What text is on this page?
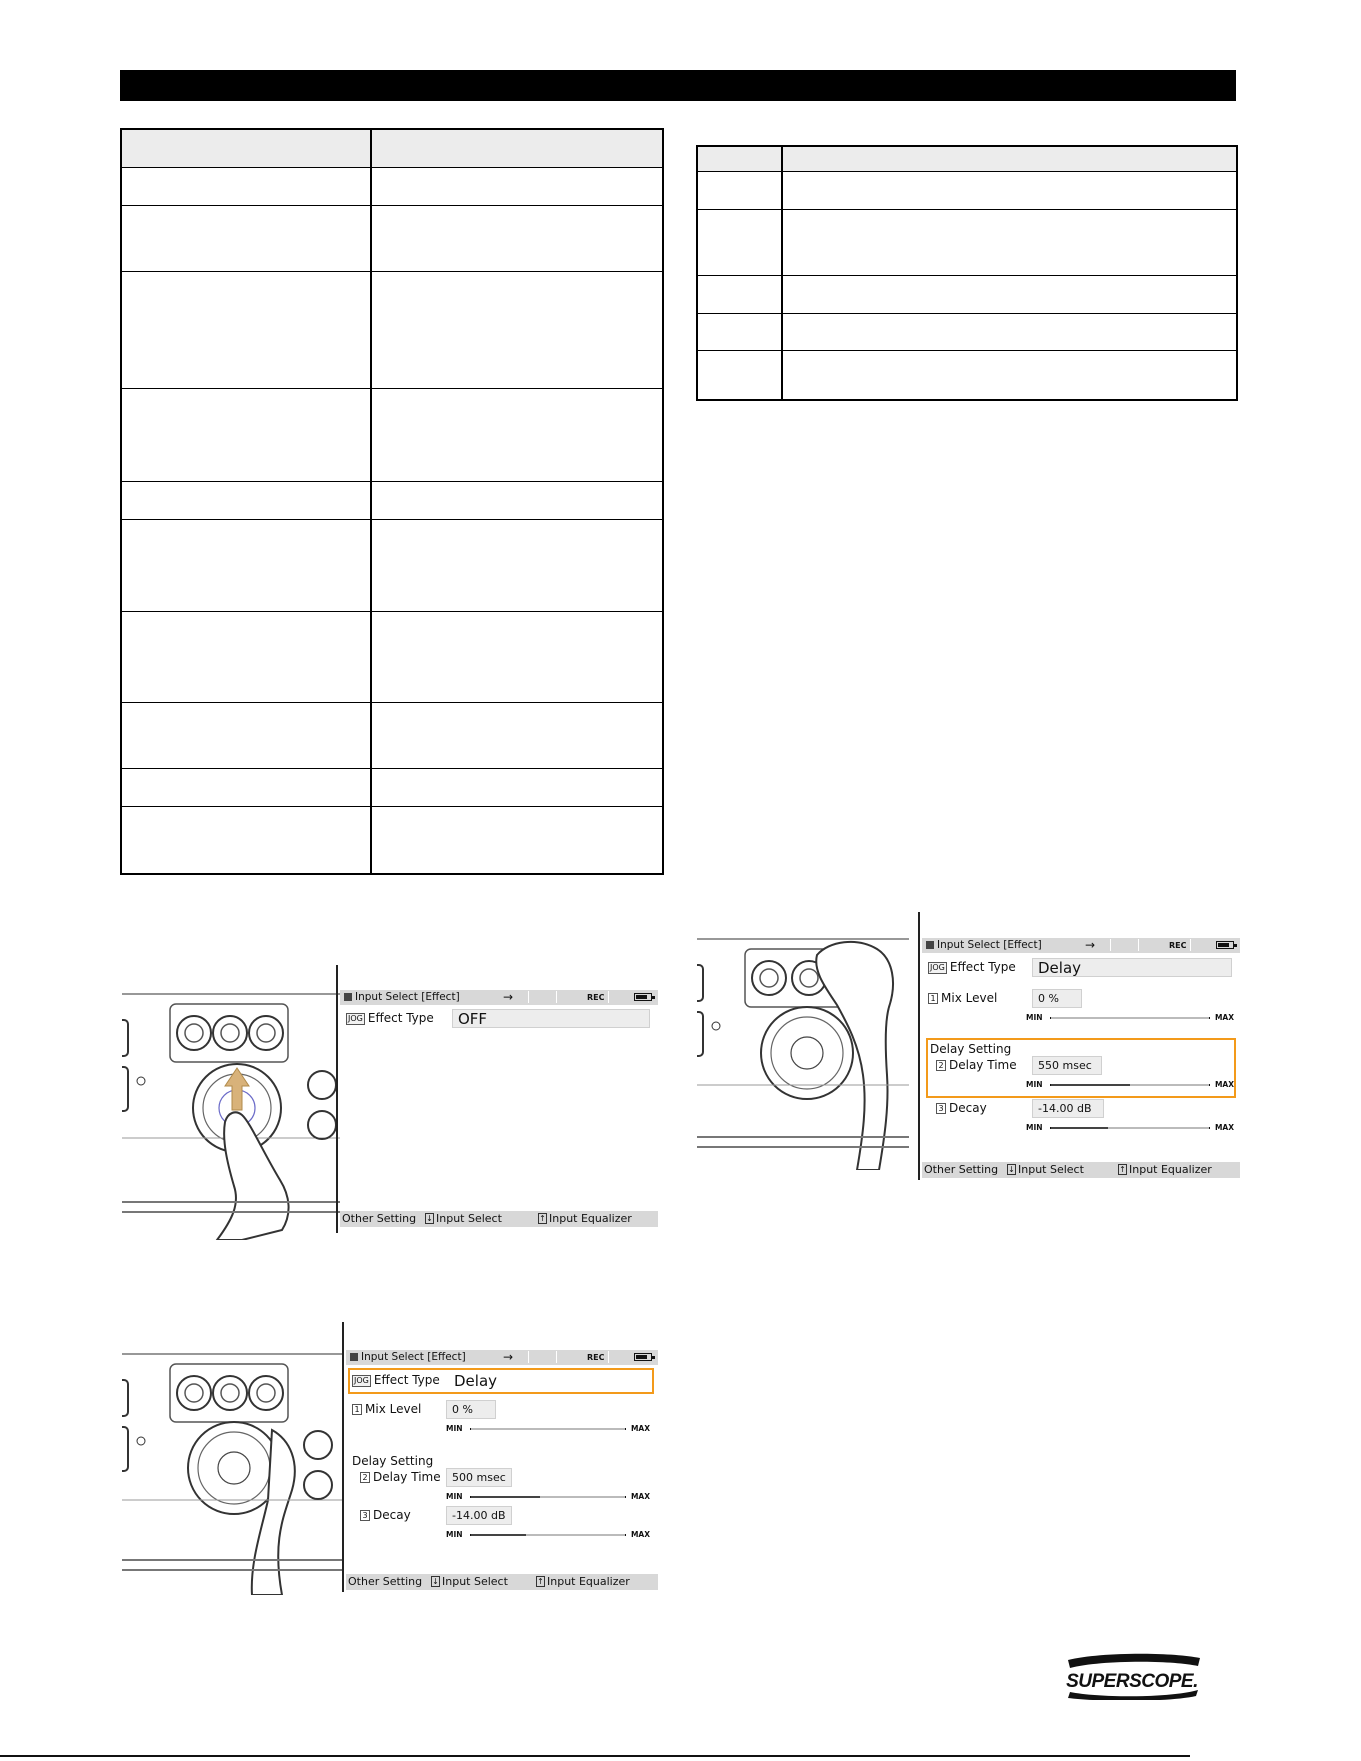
Input Select [Effect]	→	REC
JOG Effect Type	OFF
Other Setting ↓ Input Select	↑ Input Equalizer
Input Select [Effect]	→	REC
JOG Effect Type Delay
1 Mix Level	0 %
MIN	MAX
Delay Setting
2 Delay Time	500 msec
MIN	MAX
3 Decay	-14.00 dB
MIN	MAX
Other Setting ↓ Input Select	↑ Input Equalizer
Input Select [Effect]	→	REC
JOG Effect Type	Delay
1 Mix Level	0 %
MIN	MAX
Delay Setting
2 Delay Time	550 msec
MIN	MAX
3 Decay	-14.00 dB
MIN	MAX
Other Setting ↓ Input Select	↑ Input Equalizer
SUPERSCOPE.
